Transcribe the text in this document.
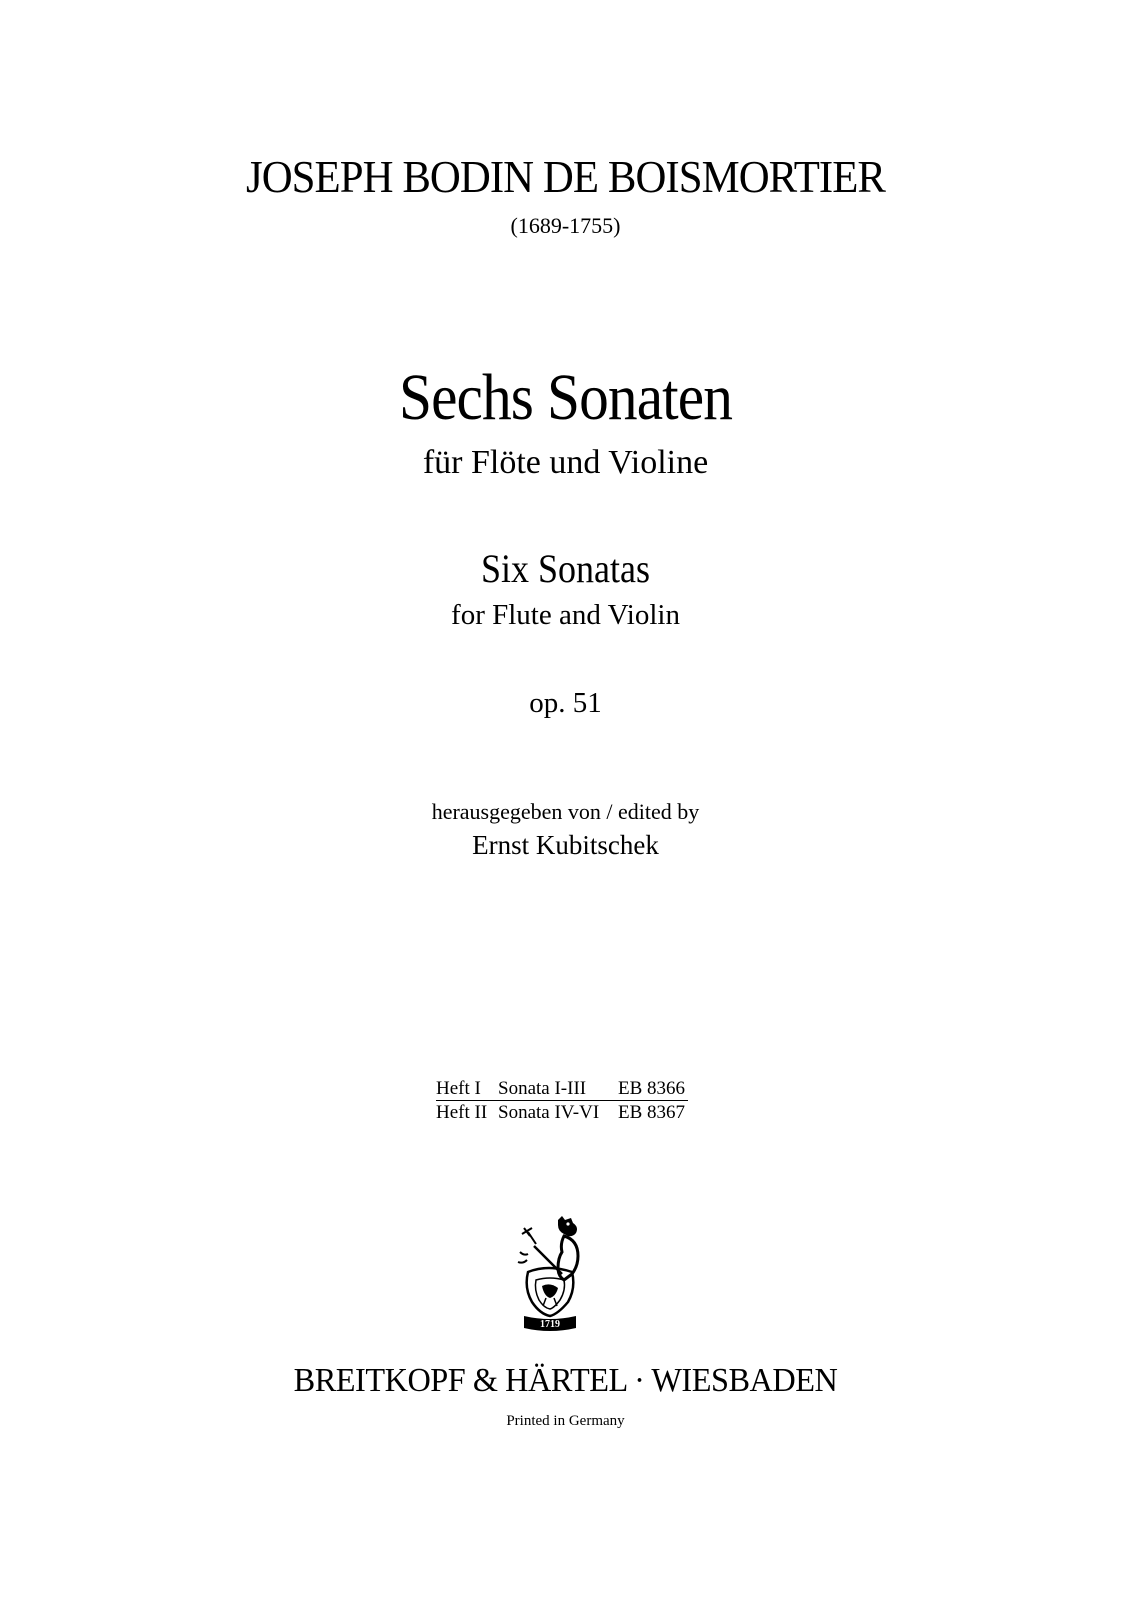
JOSEPH BODIN DE BOISMORTIER
(1689-1755)
Sechs Sonaten
für Flöte und Violine
Six Sonatas
for Flute and Violin
op. 51
herausgegeben von / edited by
Ernst Kubitschek
Heft I Sonata I-III	EB 8366
Heft II Sonata IV-VI EB 8367
1719
BREITKOPF & HÄRTEL · WIESBADEN
Printed in Germany
